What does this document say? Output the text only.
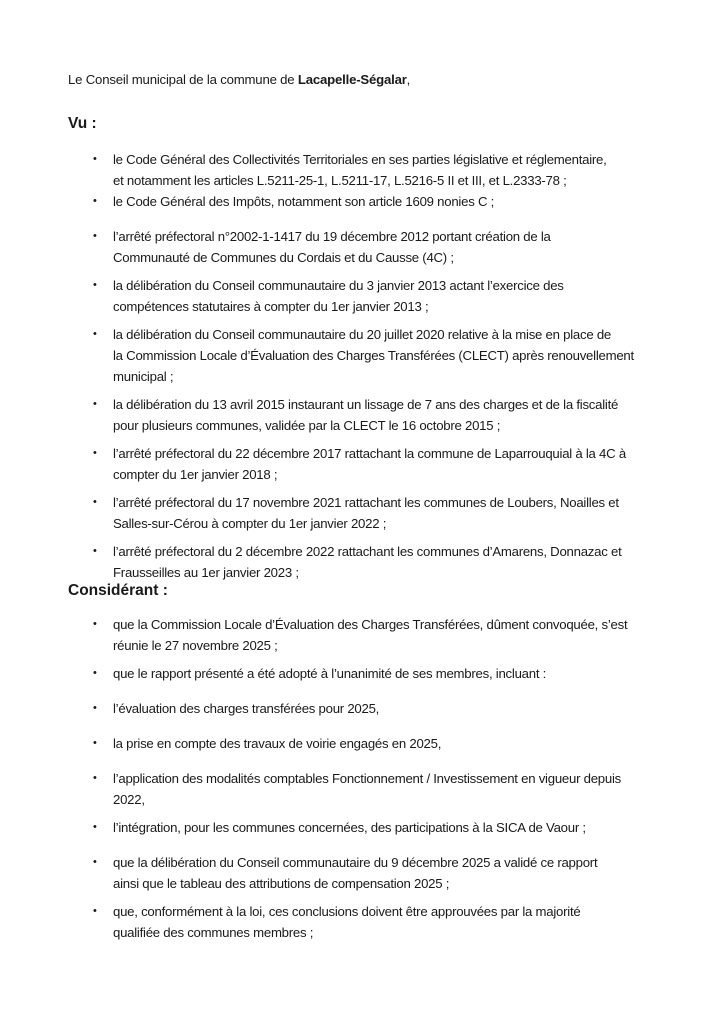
Le Conseil municipal de la commune de Lacapelle-Ségalar,
Vu :
• le Code Général des Collectivités Territoriales en ses parties législative et réglementaire,
et notamment les articles L.5211-25-1, L.5211-17, L.5216-5 II et III, et L.2333-78 ;
• le Code Général des Impôts, notamment son article 1609 nonies C ;
• l’arrêté préfectoral n°2002-1-1417 du 19 décembre 2012 portant création de la
Communauté de Communes du Cordais et du Causse (4C) ;
• la délibération du Conseil communautaire du 3 janvier 2013 actant l’exercice des
compétences statutaires à compter du 1er janvier 2013 ;
• la délibération du Conseil communautaire du 20 juillet 2020 relative à la mise en place de
la Commission Locale d’Évaluation des Charges Transférées (CLECT) après renouvellement
municipal ;
• la délibération du 13 avril 2015 instaurant un lissage de 7 ans des charges et de la fiscalité
pour plusieurs communes, validée par la CLECT le 16 octobre 2015 ;
• l’arrêté préfectoral du 22 décembre 2017 rattachant la commune de Laparrouquial à la 4C à
compter du 1er janvier 2018 ;
• l’arrêté préfectoral du 17 novembre 2021 rattachant les communes de Loubers, Noailles et
Salles-sur-Cérou à compter du 1er janvier 2022 ;
• l’arrêté préfectoral du 2 décembre 2022 rattachant les communes d’Amarens, Donnazac et
Frausseilles au 1er janvier 2023 ;
Considérant :
• que la Commission Locale d’Évaluation des Charges Transférées, dûment convoquée, s’est
réunie le 27 novembre 2025 ;
• que le rapport présenté a été adopté à l’unanimité de ses membres, incluant :
• l’évaluation des charges transférées pour 2025,
• la prise en compte des travaux de voirie engagés en 2025,
• l’application des modalités comptables Fonctionnement / Investissement en vigueur depuis
2022,
• l’intégration, pour les communes concernées, des participations à la SICA de Vaour ;
• que la délibération du Conseil communautaire du 9 décembre 2025 a validé ce rapport
ainsi que le tableau des attributions de compensation 2025 ;
• que, conformément à la loi, ces conclusions doivent être approuvées par la majorité
qualifiée des communes membres ;
